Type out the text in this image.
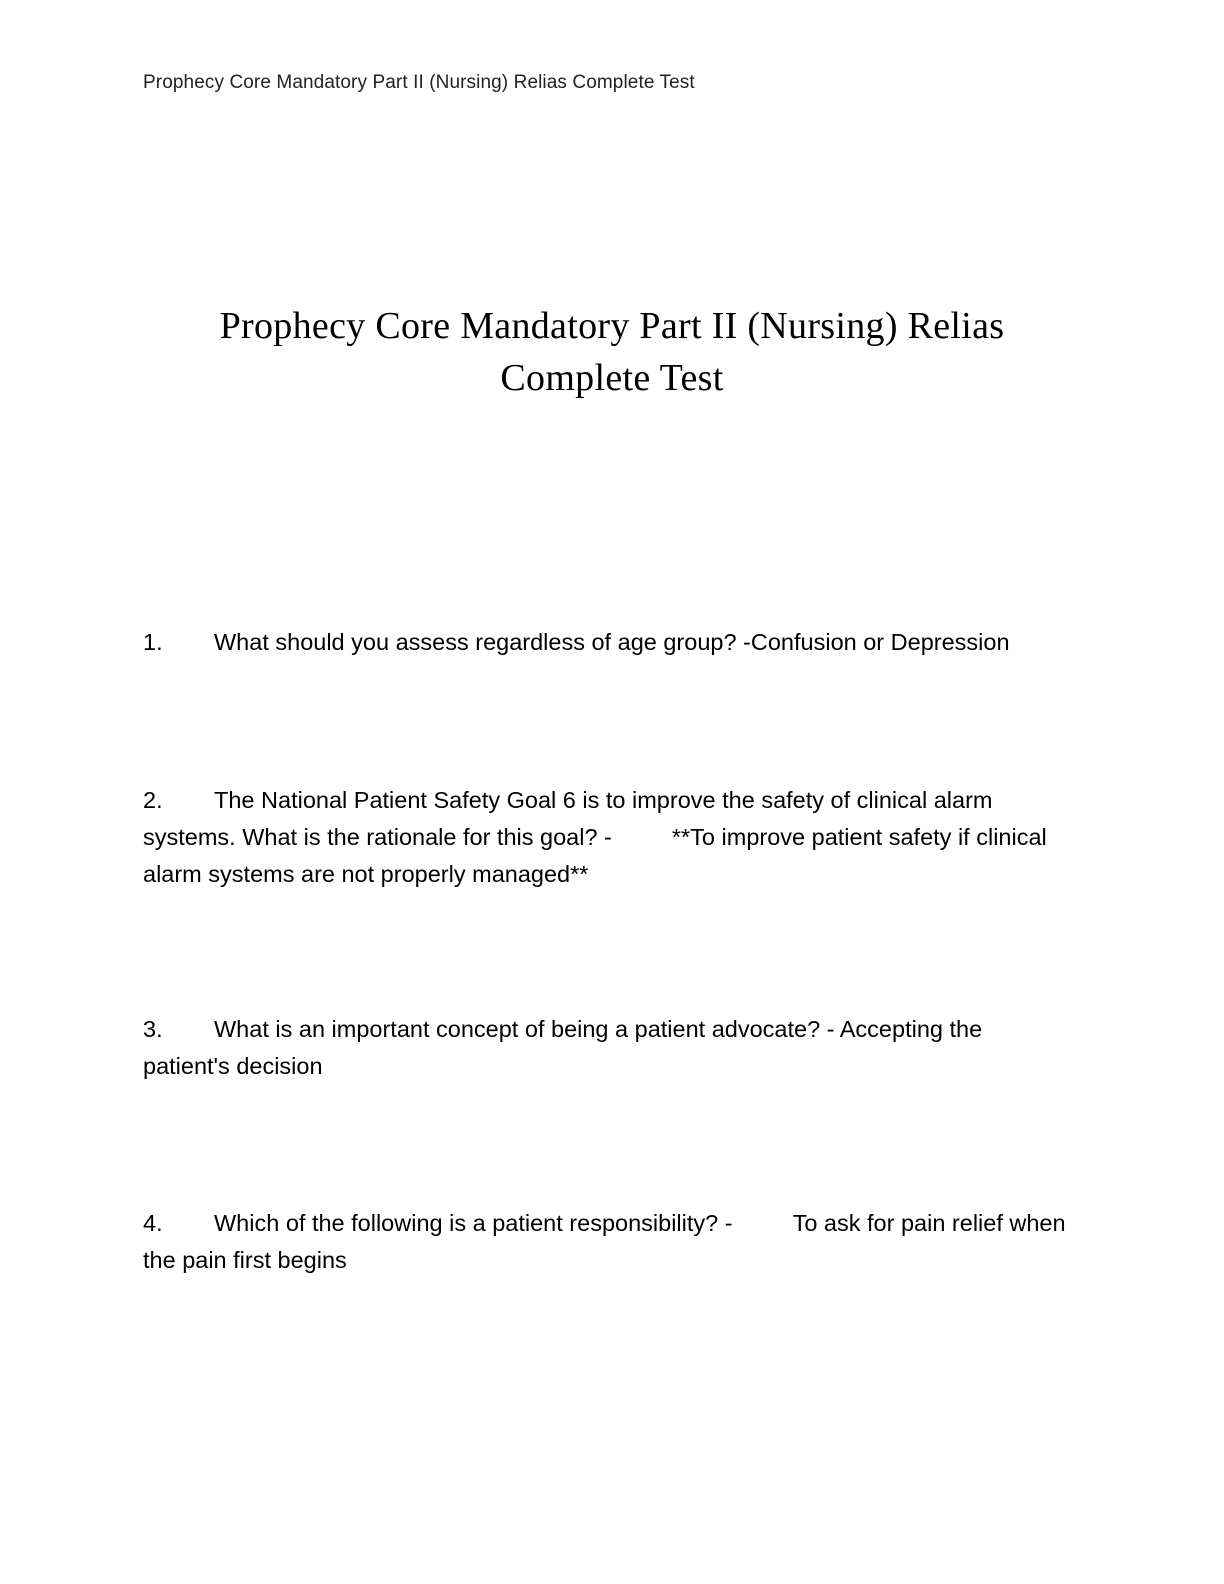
Prophecy Core Mandatory Part II (Nursing) Relias Complete Test
Prophecy Core Mandatory Part II (Nursing) Relias
Complete Test
1. What should you assess regardless of age group? -Confusion or Depression
2. The National Patient Safety Goal 6 is to improve the safety of clinical alarm systems. What is the rationale for this goal? -	**To improve patient safety if clinical alarm systems are not properly managed**
3. What is an important concept of being a patient advocate? - Accepting the patient's decision
4. Which of the following is a patient responsibility? -	To ask for pain relief when the pain first begins
